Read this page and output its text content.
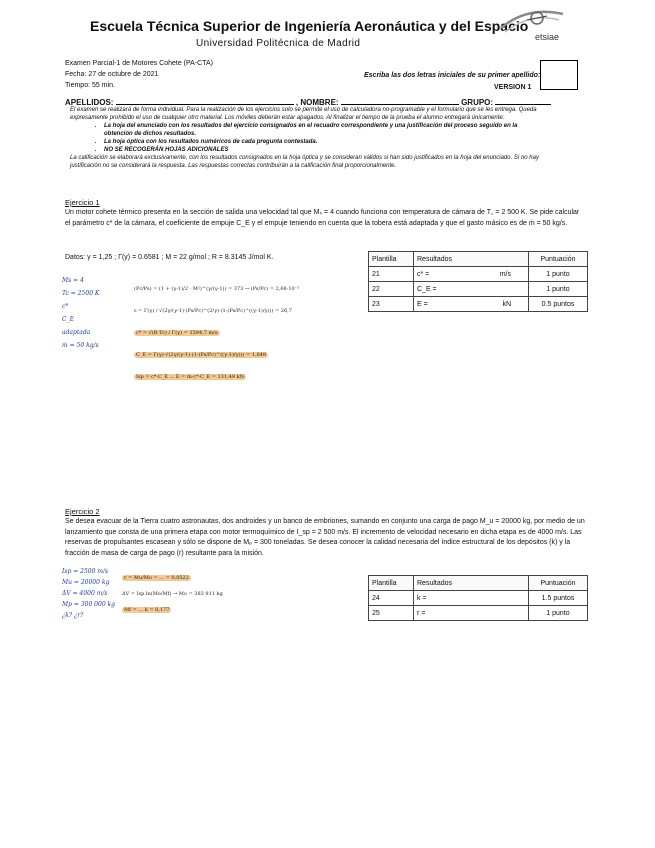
Escuela Técnica Superior de Ingeniería Aeronáutica y del Espacio
Universidad Politécnica de Madrid
etsiae
Examen Parcial-1 de Motores Cohete (PA-CTA)
Fecha: 27 de octubre de 2021
Tiempo: 55 min.
Escriba las dos letras iniciales de su primer apellido:
VERSION 1
APELLIDOS:	, NOMBRE:	GRUPO:
El examen se realizará de forma individual. Para la realización de los ejercicios solo se permite el uso de calculadora no-programable y el formulario que se les entrega. Queda expresamente prohibido el uso de cualquier otro material. Los móviles deberán estar apagados. Al finalizar el tiempo de la prueba el alumno entregará únicamente:
• La hoja del enunciado con los resultados del ejercicio consignados en el recuadro correspondiente y una justificación del proceso seguido en la obtención de dichos resultados.
• La hoja óptica con los resultados numéricos de cada pregunta contestada.
• NO SE RECOGERÁN HOJAS ADICIONALES
La calificación se elaborará exclusivamente, con los resultados consignados en la hoja óptica y se consideran válidos si han sido justificados en la hoja del enunciado. Si no hay justificación no se considerará la respuesta. Las respuestas correctas contribuirán a la calificación final proporcionalmente.
Ejercicio 1
Un motor cohete térmico presenta en la sección de salida una velocidad tal que Mₛ = 4 cuando funciona con temperatura de cámara de T꜀ = 2 500 K. Se pide calcular el parámetro c* de la cámara, el coeficiente de empuje C_E y el empuje teniendo en cuenta que la tobera está adaptada y que el gasto másico es de ṁ = 50 kg/s.
Datos: γ = 1,25 ; Γ(γ) = 0.6581 ; M = 22 g/mol ; R = 8.3145 J/mol K.	Plantilla	Resultados	Puntuación
21	c* = m/s	1 punto
22	C_E =	1 punto
23	E = kN	0.5 puntos
Ms = 4
Tc = 2500 K
c*
C_E
adaptada
ṁ = 50 kg/s
(Pc/Ps) = (1 + (γ-1)/2 · M²)^(γ/(γ-1)) = 373 → (Ps/Pc) = 2,68·10⁻³
ε = Γ(γ) / √(2γ/(γ-1)·(Ps/Pc)^(2/γ)·(1-(Ps/Pc)^((γ-1)/γ))) = 26,7
c* = √(R·Tc) / Γ(γ) = 1594,7 m/s
C_E = Γ(γ)·√(2γ/(γ-1)·(1-(Ps/Pc)^((γ-1)/γ))) = 1,649
Isp = c*·C_E ... E = ṁ·c*·C_E = 131,49 kN
Ejercicio 2
Se desea evacuar de la Tierra cuatro astronautas, dos androides y un banco de embriones, sumando en conjunto una carga de pago M_u = 20000 kg, por medio de un lanzamiento que consta de una primera etapa con motor termoquímico de I_sp = 2 500 m/s. El incremento de velocidad necesario en dicha etapa es de 4000 m/s. Las reservas de propulsantes escasean y sólo se dispone de Mₚ = 300 toneladas. Se desea conocer la calidad necesaria del índice estructural de los depósitos (k) y la fracción de masa de carga de pago (r) resultante para la misión.
Plantilla	Resultados	Puntuación
24	k =	1.5 puntos
25	r =	1 punto
Isp = 2500 m/s
Mu = 20000 kg
ΔV = 4000 m/s
Mp = 300 000 kg
¿k? ¿r?
r = Mu/Mo = ... = 0,0522
ΔV = Isp ln(Mo/Mf) → Mo = 383 911 kg
Mf = ... k = 0,177
